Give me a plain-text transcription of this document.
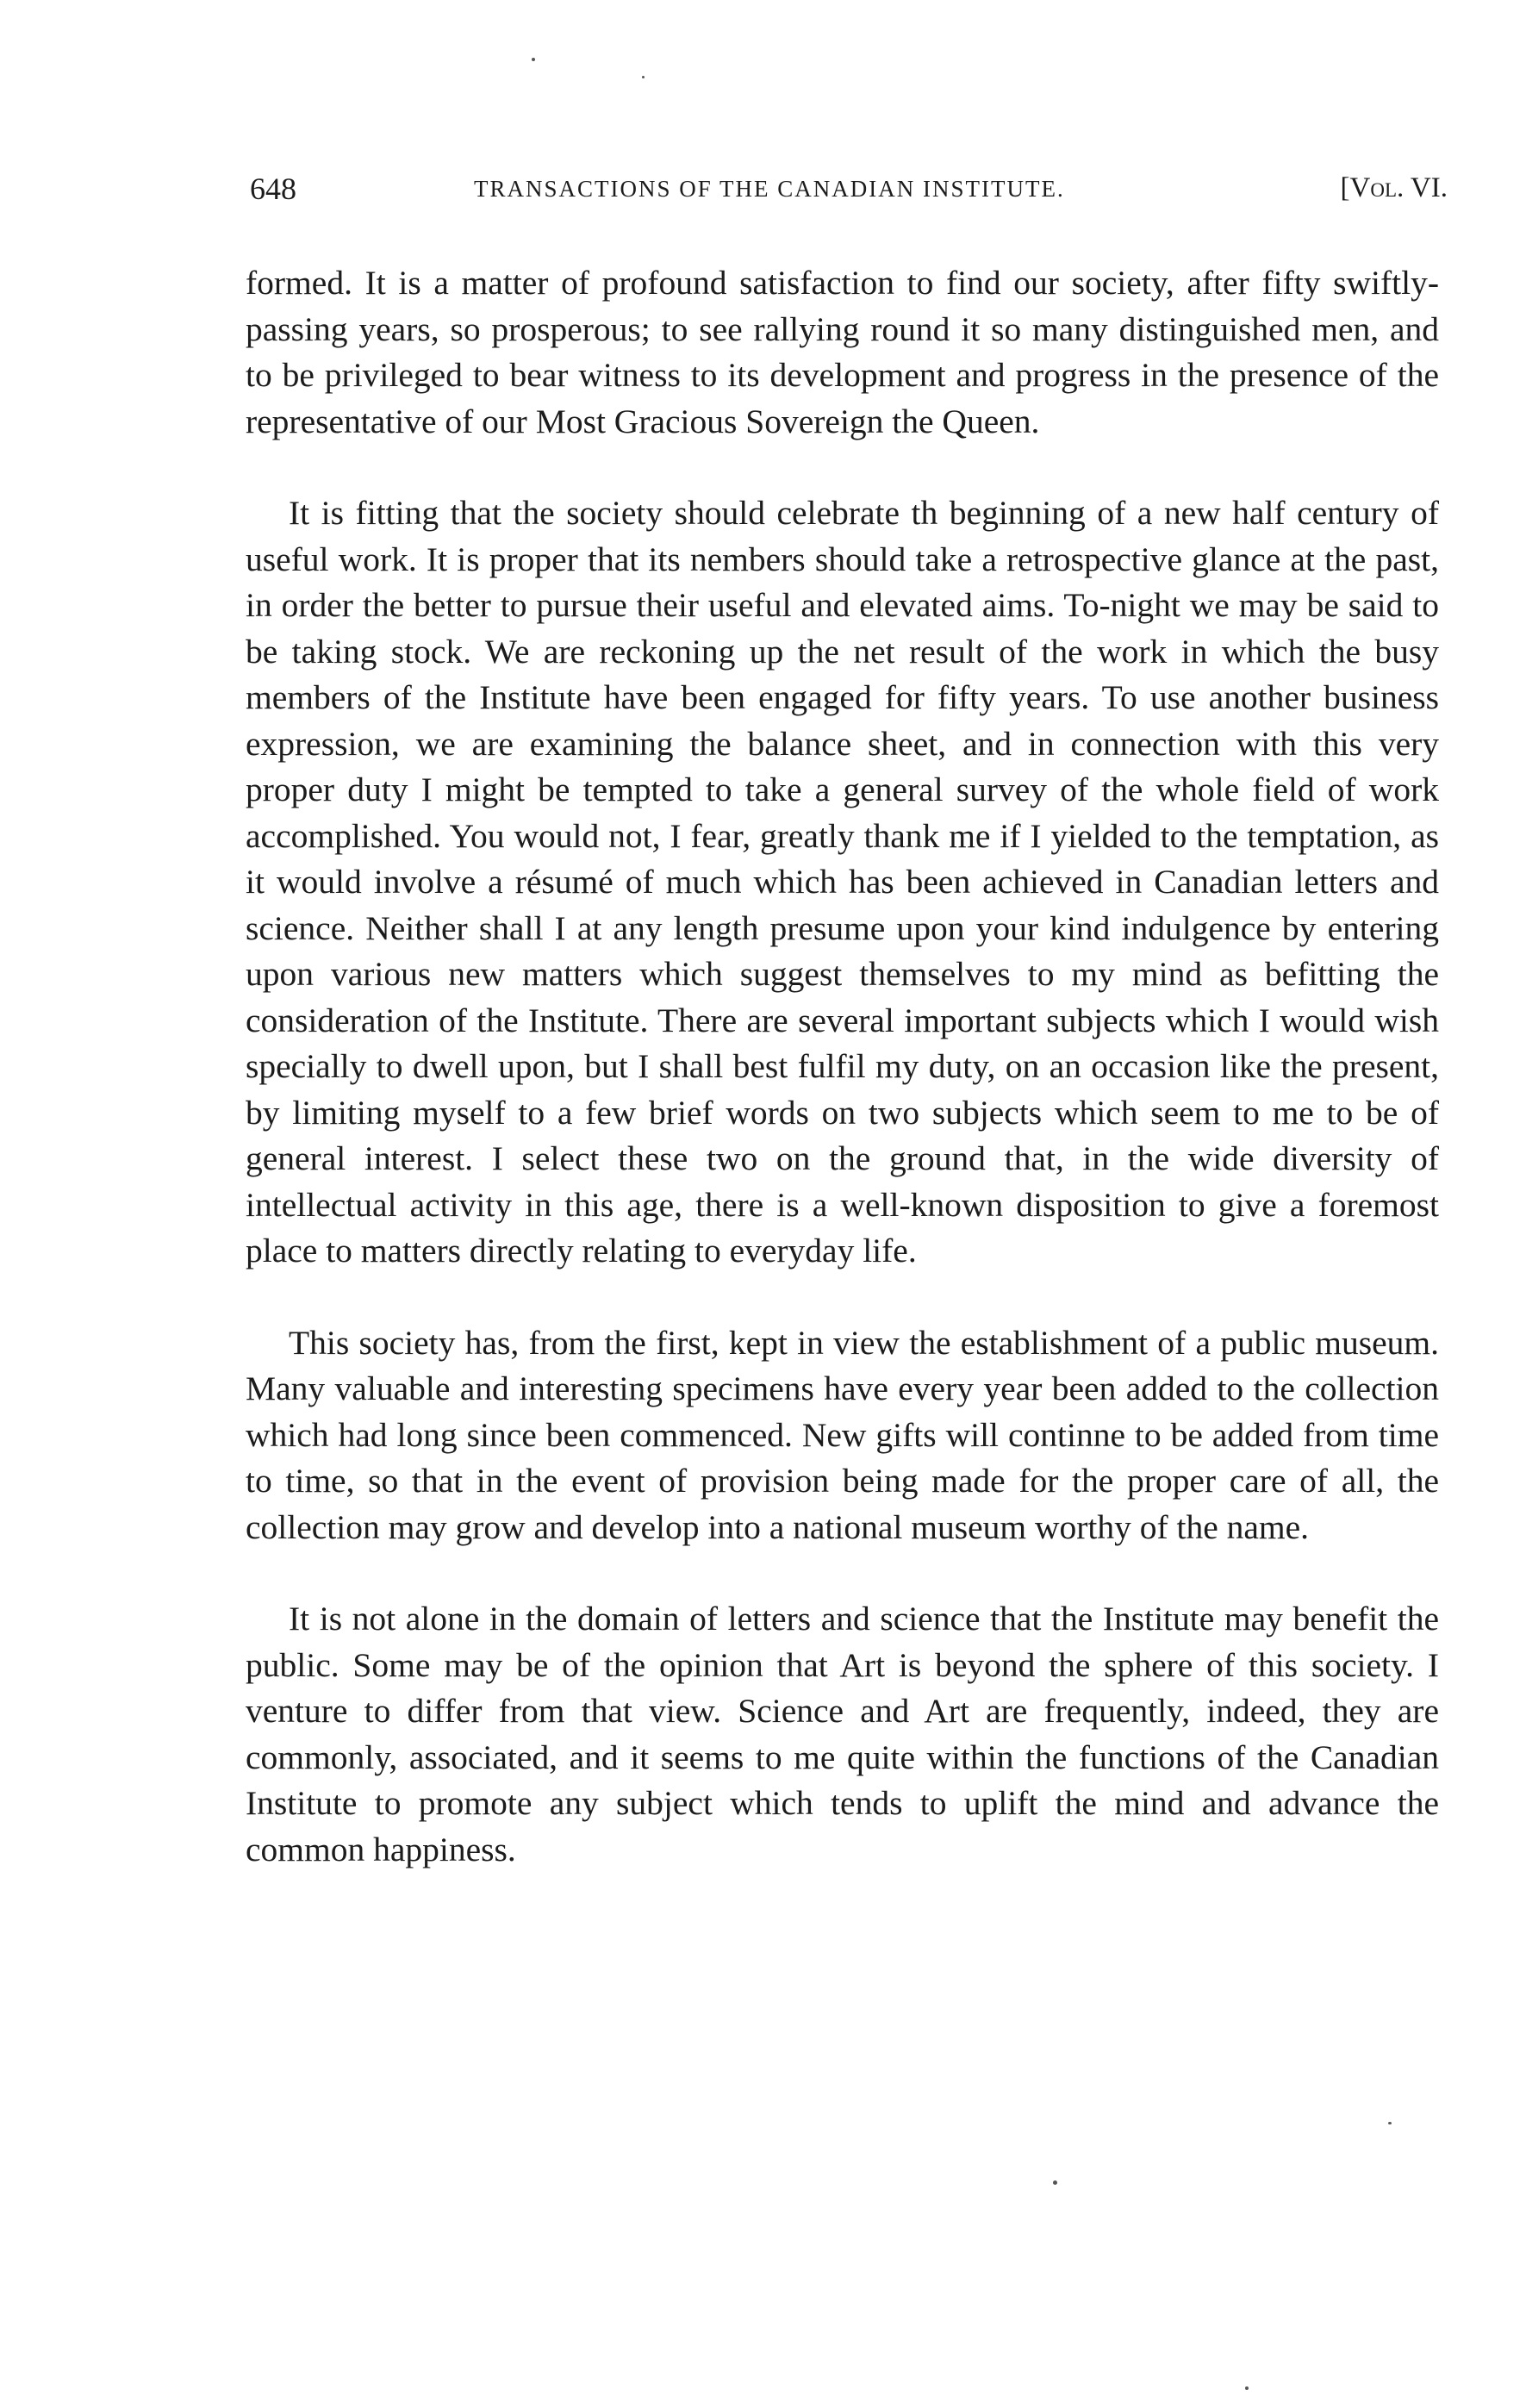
648	TRANSACTIONS OF THE CANADIAN INSTITUTE.	[Vol. VI.

formed. It is a matter of profound satisfaction to find our society, after fifty swiftly-passing years, so prosperous; to see rallying round it so many distinguished men, and to be privileged to bear witness to its development and progress in the presence of the representative of our Most Gracious Sovereign the Queen.

It is fitting that the society should celebrate th beginning of a new half century of useful work. It is proper that its nembers should take a retrospective glance at the past, in order the better to pursue their useful and elevated aims. To-night we may be said to be taking stock. We are reckoning up the net result of the work in which the busy members of the Institute have been engaged for fifty years. To use another business expression, we are examining the balance sheet, and in connection with this very proper duty I might be tempted to take a general survey of the whole field of work accomplished. You would not, I fear, greatly thank me if I yielded to the temptation, as it would involve a résumé of much which has been achieved in Canadian letters and science. Neither shall I at any length presume upon your kind indulgence by entering upon various new matters which suggest themselves to my mind as befitting the consideration of the Institute. There are several important subjects which I would wish specially to dwell upon, but I shall best fulfil my duty, on an occasion like the present, by limiting myself to a few brief words on two subjects which seem to me to be of general interest. I select these two on the ground that, in the wide diversity of intellectual activity in this age, there is a well-known disposition to give a foremost place to matters directly relating to everyday life.

This society has, from the first, kept in view the establishment of a public museum. Many valuable and interesting specimens have every year been added to the collection which had long since been commenced. New gifts will continne to be added from time to time, so that in the event of provision being made for the proper care of all, the collection may grow and develop into a national museum worthy of the name.

It is not alone in the domain of letters and science that the Institute may benefit the public. Some may be of the opinion that Art is beyond the sphere of this society. I venture to differ from that view. Science and Art are frequently, indeed, they are commonly, associated, and it seems to me quite within the functions of the Canadian Institute to promote any subject which tends to uplift the mind and advance the common happiness.
